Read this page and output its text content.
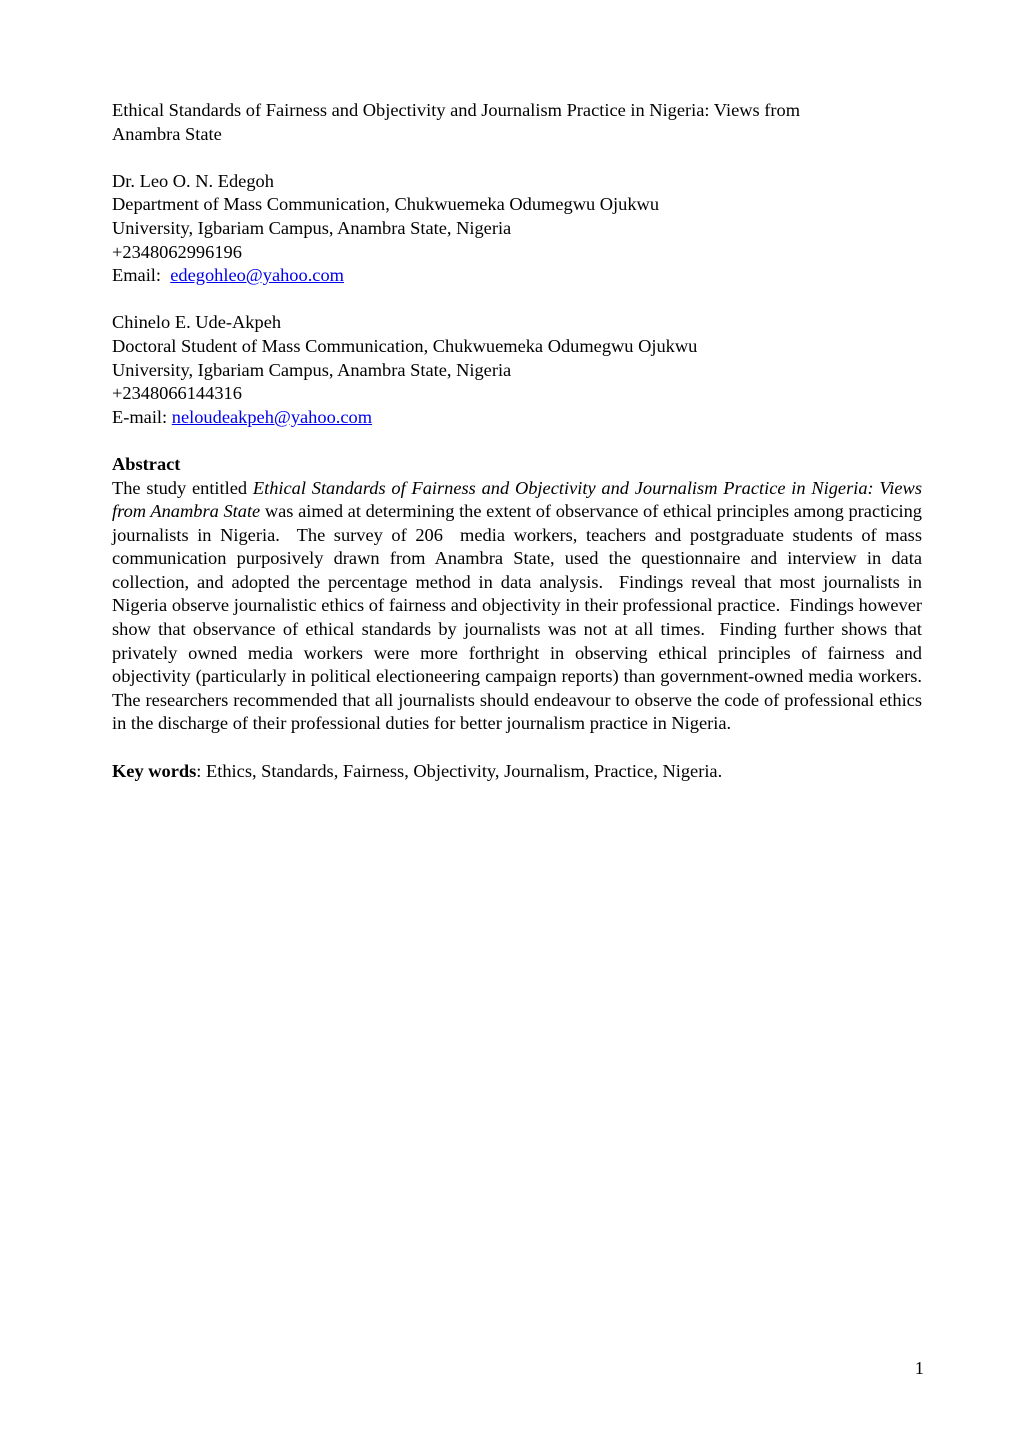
Ethical Standards of Fairness and Objectivity and Journalism Practice in Nigeria: Views from
Anambra State
Dr. Leo O. N. Edegoh
Department of Mass Communication, Chukwuemeka Odumegwu Ojukwu
University, Igbariam Campus, Anambra State, Nigeria
+2348062996196
Email:  edegohleo@yahoo.com
Chinelo E. Ude-Akpeh
Doctoral Student of Mass Communication, Chukwuemeka Odumegwu Ojukwu
University, Igbariam Campus, Anambra State, Nigeria
+2348066144316
E-mail: neloudeakpeh@yahoo.com
Abstract

The study entitled Ethical Standards of Fairness and Objectivity and Journalism Practice in Nigeria: Views from Anambra State was aimed at determining the extent of observance of ethical principles among practicing journalists in Nigeria.  The survey of 206  media workers, teachers and postgraduate students of mass communication purposively drawn from Anambra State, used the questionnaire and interview in data collection, and adopted the percentage method in data analysis.  Findings reveal that most journalists in Nigeria observe journalistic ethics of fairness and objectivity in their professional practice.  Findings however show that observance of ethical standards by journalists was not at all times.  Finding further shows that privately owned media workers were more forthright in observing ethical principles of fairness and objectivity (particularly in political electioneering campaign reports) than government-owned media workers. The researchers recommended that all journalists should endeavour to observe the code of professional ethics in the discharge of their professional duties for better journalism practice in Nigeria.

Key words: Ethics, Standards, Fairness, Objectivity, Journalism, Practice, Nigeria.
1
